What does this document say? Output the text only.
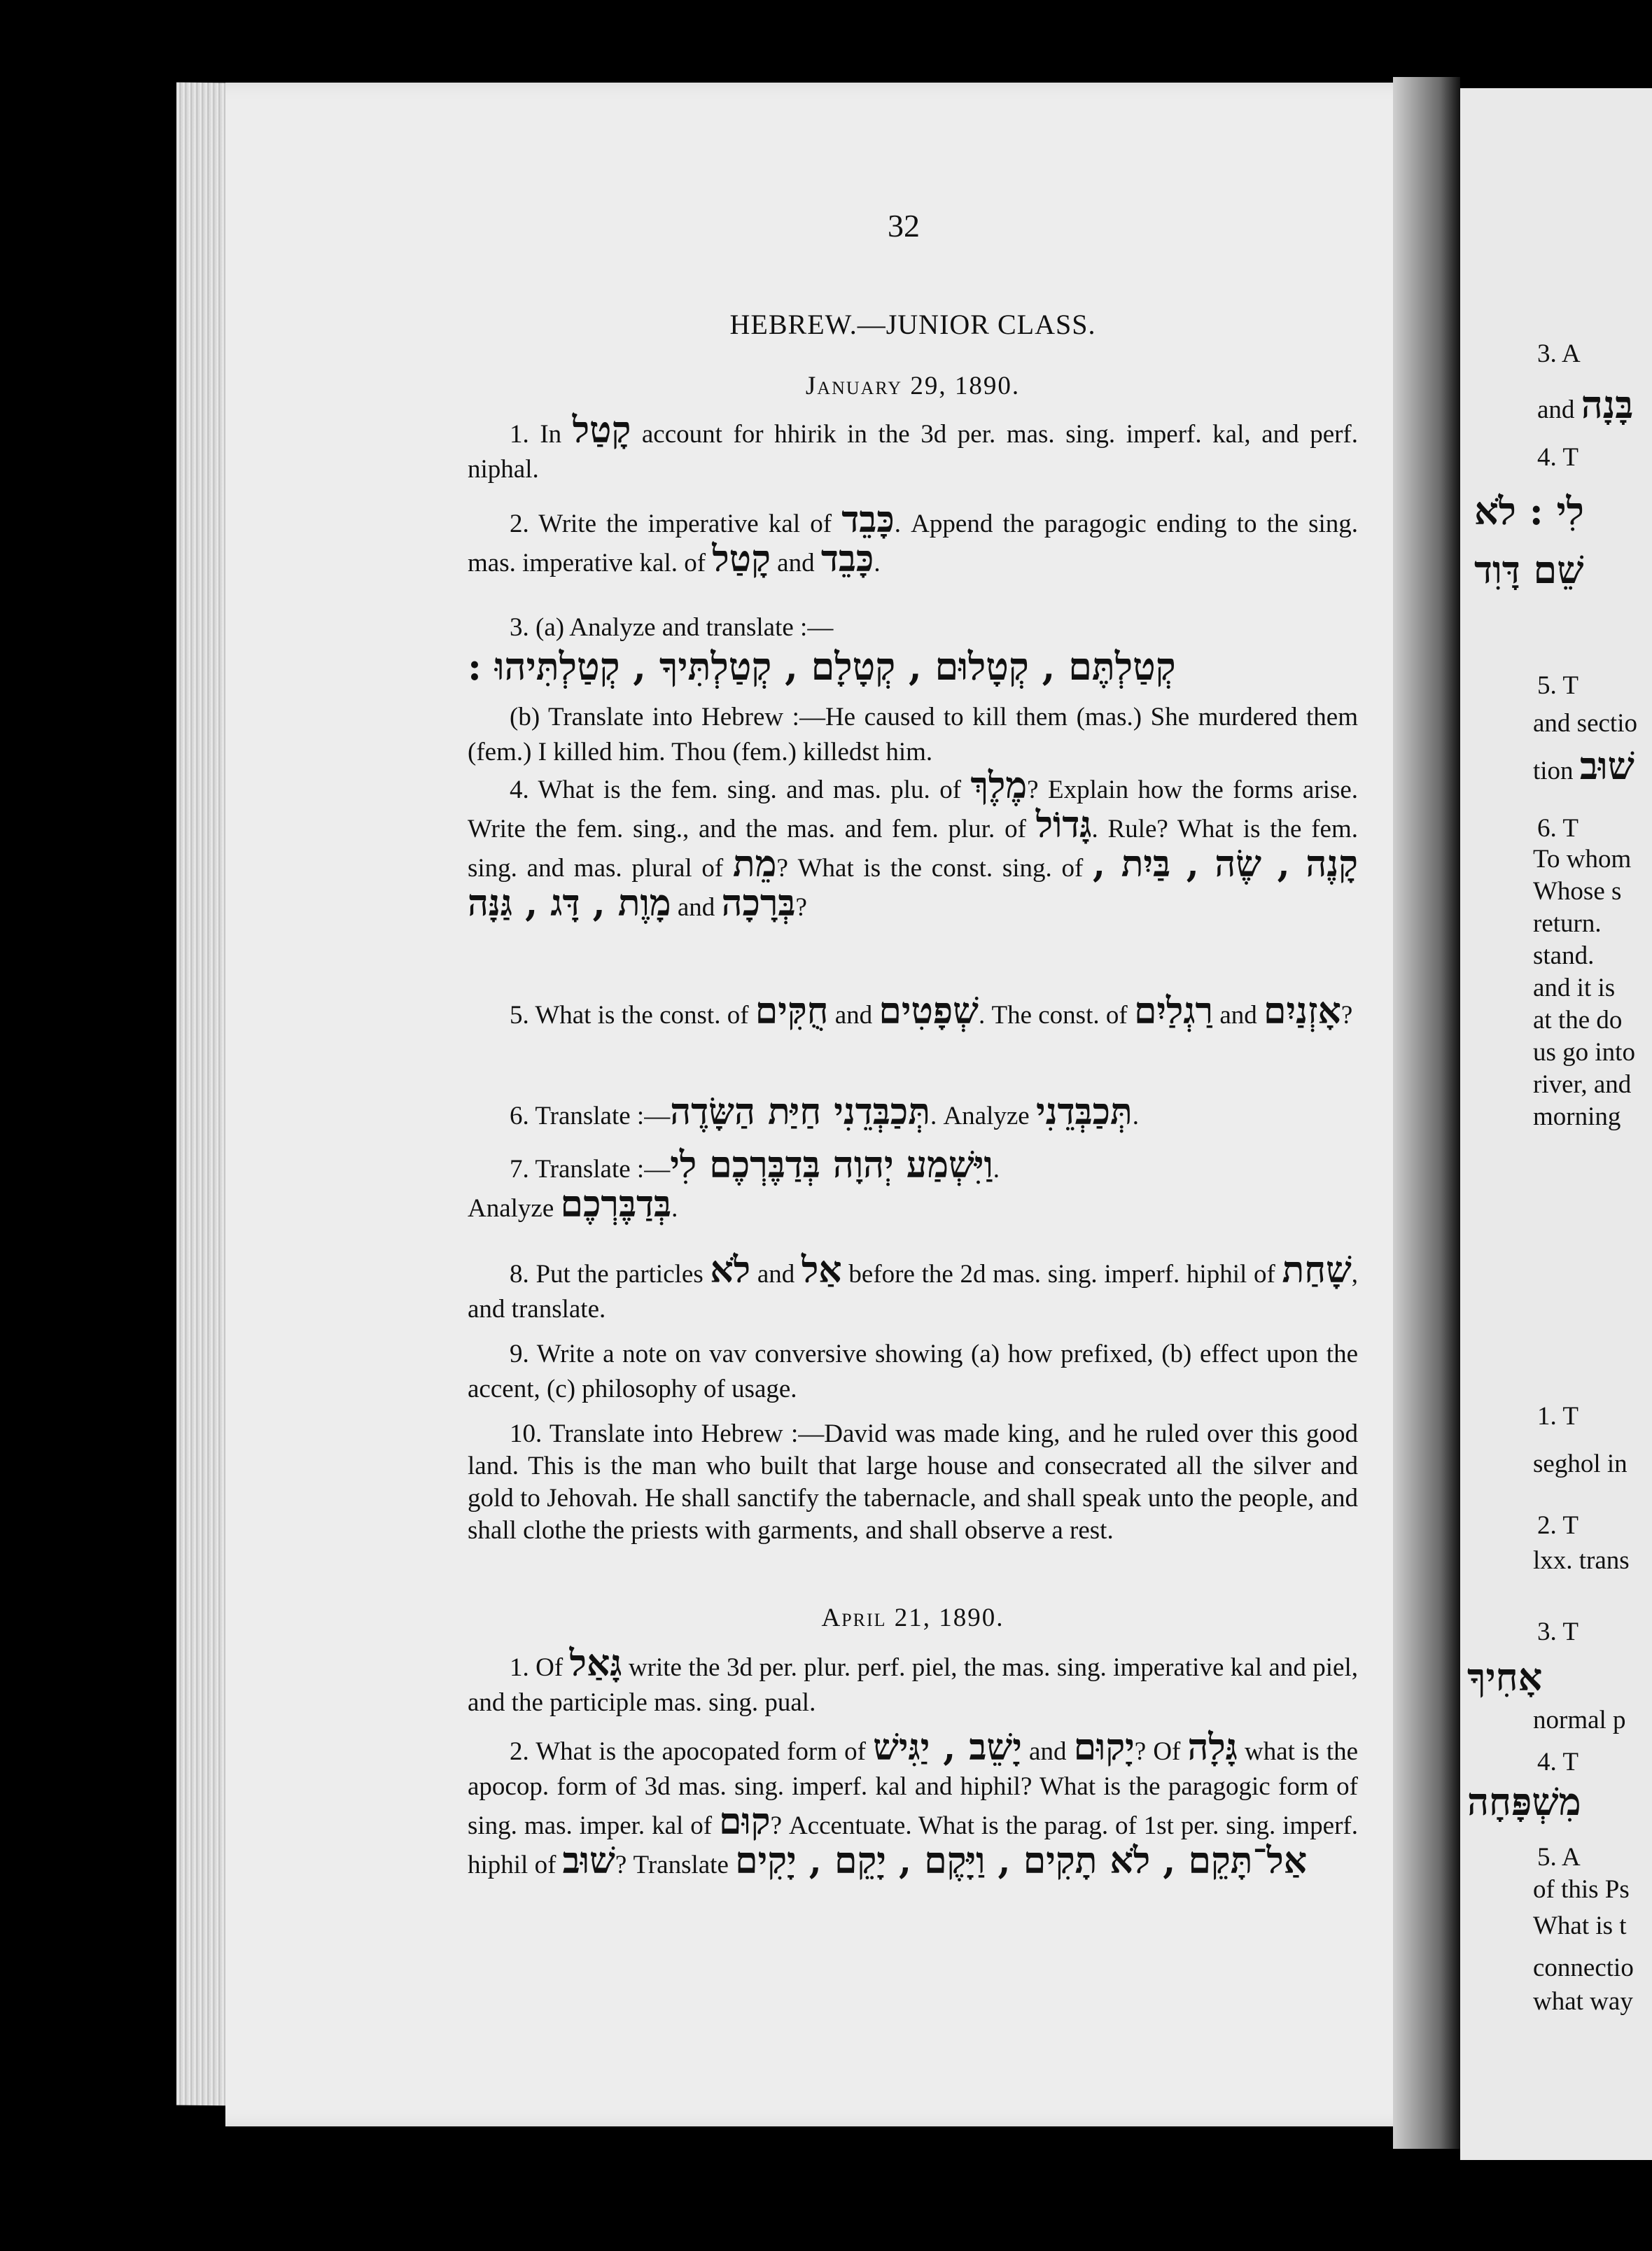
3. A
and בָּנָה
4. T
לִי : לֹא
שֵׁם דָּוִד
5. T
and sectio
tion שׁוּב
6. T
To whom
Whose s
return.
stand.
and it is
at the do
us go into
river, and
morning
1. T
seghol in
2. T
lxx. trans
3. T
אָחִיךָ
normal p
4. T
מִשְׁפָּחָה
5. A
of this Ps
What is t
connectio
what way
32
HEBREW.—JUNIOR CLASS.
January 29, 1890.
1. In קָטַל account for hhirik in the 3d per. mas. sing. imperf. kal, and perf. niphal.
2. Write the imperative kal of כָּבֵד. Append the paragogic ending to the sing. mas. imperative kal. of קָטַל and כָּבֵד.
3. (a) Analyze and translate :—
קְטַלְתֶּם , קְטָלוּם , קְטָלָם , קְטַלְתִּיךָ , קְטַלְתִּיהוּ :
(b) Translate into Hebrew :—He caused to kill them (mas.) She murdered them (fem.) I killed him. Thou (fem.) killedst him.
4. What is the fem. sing. and mas. plu. of מֶלֶךְ? Explain how the forms arise. Write the fem. sing., and the mas. and fem. plur. of גָּדוֹל. Rule? What is the fem. sing. and mas. plural of מֵת? What is the const. sing. of קָנֶה , שֶׂה , בַּיִת , מָוֶת , דָּג , גַּנָּה and בְּרָכָה?
5. What is the const. of חֻקִּים and שְׁפָטִים. The const. of רַגְלַיִם and אָזְנַיִם?
6. Translate :—תְּכַבְּדֵנִי חַיַּת הַשָּׂדֶה. Analyze תְּכַבְּדֵנִי.
7. Translate :—וַיִּשְׁמַע יְהוָה בְּדַבֶּרְכֶם לִי.
Analyze בְּדַבֶּרְכֶם.
8. Put the particles לֹא and אַל before the 2d mas. sing. imperf. hiphil of שָׁחַת, and translate.
9. Write a note on vav conversive showing (a) how prefixed, (b) effect upon the accent, (c) philosophy of usage.
10. Translate into Hebrew :—David was made king, and he ruled over this good land. This is the man who built that large house and consecrated all the silver and gold to Jehovah. He shall sanctify the tabernacle, and shall speak unto the people, and shall clothe the priests with garments, and shall observe a rest.
April 21, 1890.
1. Of גָּאַל write the 3d per. plur. perf. piel, the mas. sing. imperative kal and piel, and the participle mas. sing. pual.
2. What is the apocopated form of יָשֵׁב , יַגִּישׁ and יָקוּם? Of גָּלָה what is the apocop. form of 3d mas. sing. imperf. kal and hiphil? What is the paragogic form of sing. mas. imper. kal of קוּם? Accentuate. What is the parag. of 1st per. sing. imperf. hiphil of שׁוּב? Translate אַל־תָּקֵם , לֹא תָקִים , וַיָּקֶם , יָקֵם , יָקִים
